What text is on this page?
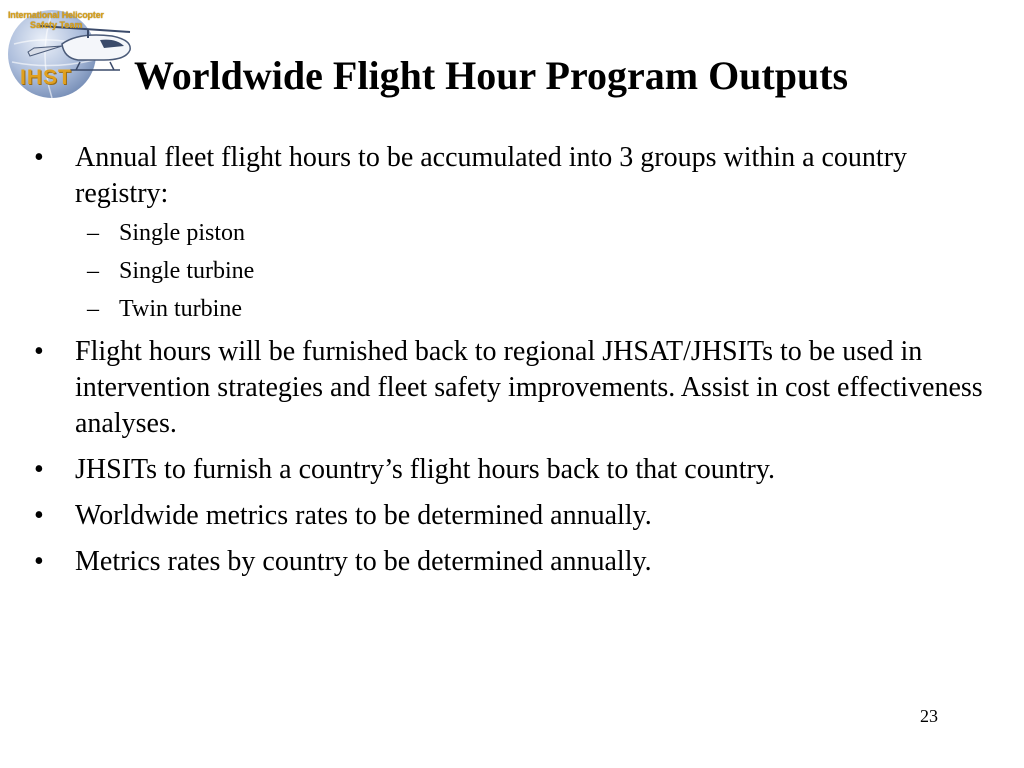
International Helicopter
Safety Team
IHST Worldwide Flight Hour Program Outputs
• Annual fleet flight hours to be accumulated into 3 groups within a country registry:
– Single piston
– Single turbine
– Twin turbine
• Flight hours will be furnished back to regional JHSAT/JHSITs to be used in intervention strategies and fleet safety improvements. Assist in cost effectiveness analyses.
• JHSITs to furnish a country’s flight hours back to that country.
• Worldwide metrics rates to be determined annually.
• Metrics rates by country to be determined annually.
23
